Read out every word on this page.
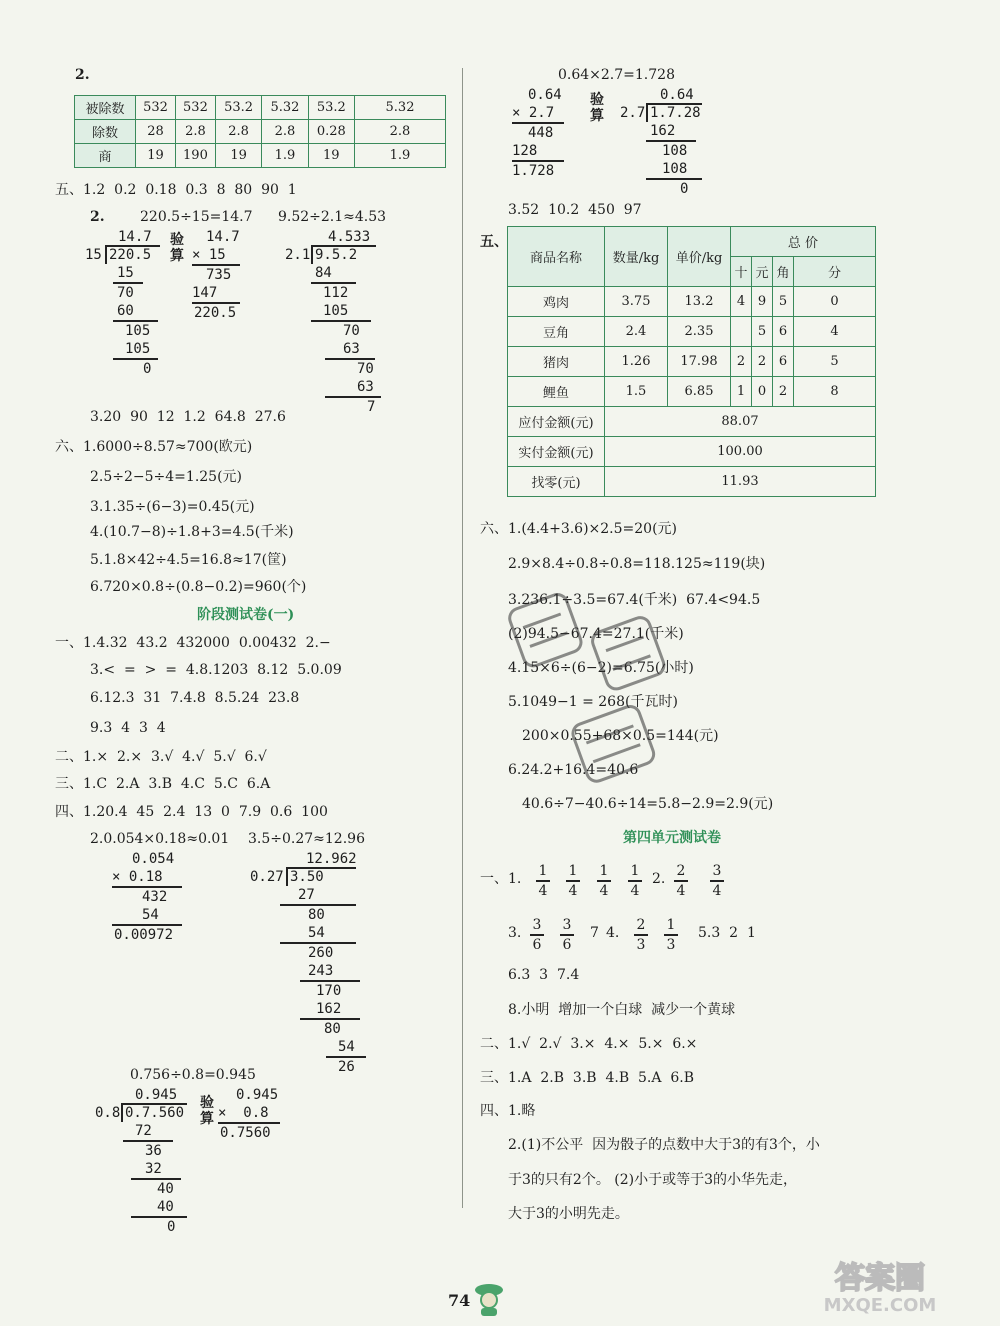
2.
被除数	532	532	53.2	5.32	53.2	5.32
除数	28	2.8	2.8	2.8	0.28	2.8
商	19	190	19	1.9	19	1.9
五、1.2  0.2  0.18  0.3  8  80  90  1
2.	220.5÷15=14.7 9.52÷2.1≈4.53
14.7
15 220.5
15
70
60
105
105
0
验算
14.7
× 15
735
147
220.5
4.533
2.1 9.5.2
84
112
105
70
63
70
63
7
3.20  90  12  1.2  64.8  27.6
六、1.6000÷8.57≈700(欧元)
2.5÷2−5÷4=1.25(元)
3.1.35÷(6−3)=0.45(元)
4.(10.7−8)÷1.8+3=4.5(千米)
5.1.8×42÷4.5=16.8≈17(筐)
6.720×0.8÷(0.8−0.2)=960(个)
阶段测试卷(一)
一、1.4.32  43.2  432000  0.00432  2.−
3.<  =  >  =  4.8.1203  8.12  5.0.09
6.12.3  31  7.4.8  8.5.24  23.8
9.3  4  3  4
二、1.×  2.×  3.√  4.√  5.√  6.√
三、1.C  2.A  3.B  4.C  5.C  6.A
四、1.20.4  45  2.4  13  0  7.9  0.6  100
2.0.054×0.18≈0.01 3.5÷0.27≈12.96
0.054
× 0.18
432
54
0.00972
12.962
0.27 3.50
27
80
54
260
243
170
162
80
54
26
0.756÷0.8=0.945
0.945
0.8 0.7.560
72
36
32
40
40
0
验算
0.945
×  0.8
0.7560
0.64×2.7=1.728
0.64
× 2.7
448
128
1.728
验算
0.64
2.7 1.7.28
162
108
108
0
3.52  10.2  450  97
五、
商品名称	数量/kg	单价/kg	总 价			
			十	元	角	分
鸡肉	3.75	13.2	4	9	5	0
豆角	2.4	2.35		5	6	4
猪肉	1.26	17.98	2	2	6	5
鲤鱼	1.5	6.85	1	0	2	8
应付金额(元)	88.07					
实付金额(元)	100.00					
找零(元)	11.93					
六、1.(4.4+3.6)×2.5=20(元)
2.9×8.4÷0.8÷0.8=118.125≈119(块)
3.236.1÷3.5=67.4(千米)  67.4<94.5
(2)94.5−67.4=27.1(千米)
4.15×6÷(6−2)=6.75(小时)
5.1049−1 = 268(千瓦时)
200×0.55+68×0.5=144(元)
6.24.2+16.4=40.6
40.6÷7−40.6÷14=5.8−2.9=2.9(元)
第四单元测试卷
一、1.	2.
3.	7 4.	5.3  2  1
6.3  3  7.4
8.小明  增加一个白球  减少一个黄球
二、1.√  2.√  3.×  4.×  5.×  6.×
三、1.A  2.B  3.B  4.B  5.A  6.B
四、1.略
2.(1)不公平  因为骰子的点数中大于3的有3个，小
于3的只有2个。 (2)小于或等于3的小华先走，
大于3的小明先走。
74
答案圈
MXQE.COM
1
4
1
4
1
4
1
4
2
4
3
4
3
6
3
6
2
3
1
3
